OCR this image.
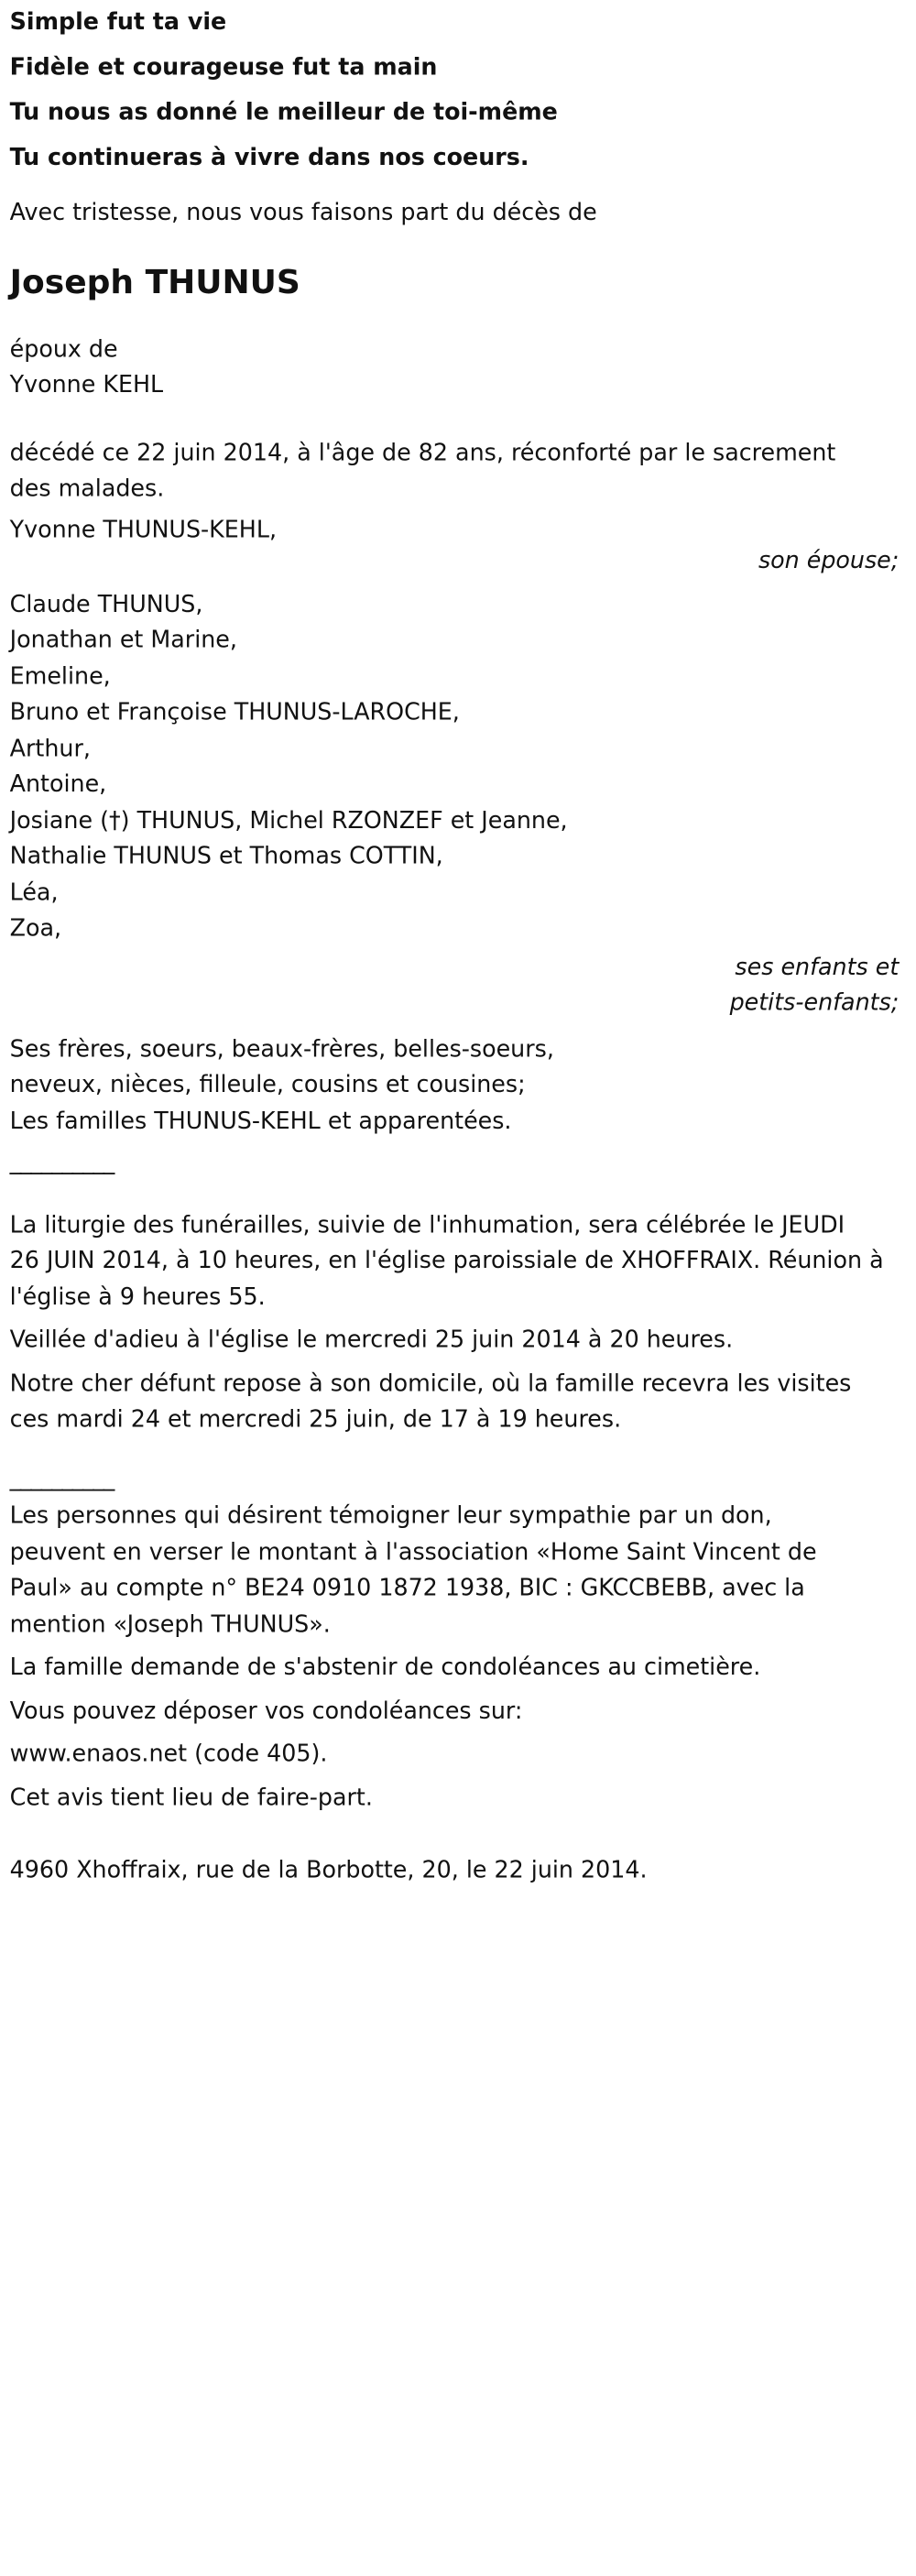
Simple fut ta vie

Fidèle et courageuse fut ta main

Tu nous as donné le meilleur de toi-même

Tu continueras à vivre dans nos coeurs.

Avec tristesse, nous vous faisons part du décès de

Joseph THUNUS

époux de

Yvonne KEHL

décédé ce 22 juin 2014, à l'âge de 82 ans, réconforté par le sacrement

des malades.

Yvonne THUNUS-KEHL,

son épouse;

Claude THUNUS,

Jonathan et Marine,

Emeline,

Bruno et Françoise THUNUS-LAROCHE,

Arthur,

Antoine,

Josiane (†) THUNUS, Michel RZONZEF et Jeanne,

Nathalie THUNUS et Thomas COTTIN,

Léa,

Zoa,

ses enfants et

petits-enfants;

Ses frères, soeurs, beaux-frères, belles-soeurs,

neveux, nièces, filleule, cousins et cousines;

Les familles THUNUS-KEHL et apparentées.

__________

La liturgie des funérailles, suivie de l'inhumation, sera célébrée le JEUDI

26 JUIN 2014, à 10 heures, en l'église paroissiale de XHOFFRAIX. Réunion à

l'église à 9 heures 55.

Veillée d'adieu à l'église le mercredi 25 juin 2014 à 20 heures.

Notre cher défunt repose à son domicile, où la famille recevra les visites

ces mardi 24 et mercredi 25 juin, de 17 à 19 heures.

__________

Les personnes qui désirent témoigner leur sympathie par un don,

peuvent en verser le montant à l'association «Home Saint Vincent de

Paul» au compte n° BE24 0910 1872 1938, BIC : GKCCBEBB, avec la

mention «Joseph THUNUS».

La famille demande de s'abstenir de condoléances au cimetière.

Vous pouvez déposer vos condoléances sur:

www.enaos.net (code 405).

Cet avis tient lieu de faire-part.

4960 Xhoffraix, rue de la Borbotte, 20, le 22 juin 2014.
